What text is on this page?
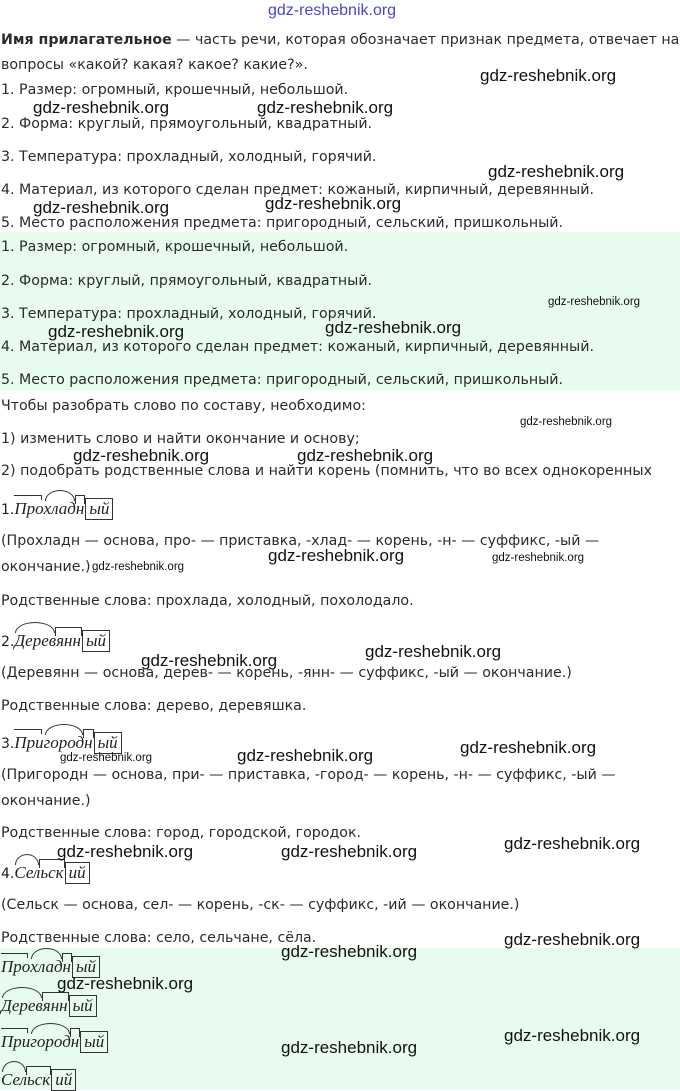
gdz-reshebnik.org
Имя прилагательное — часть речи, которая обозначает признак предмета, отвечает на
вопросы «какой? какая? какое? какие?».
1. Размер: огромный, крошечный, небольшой.
2. Форма: круглый, прямоугольный, квадратный.
3. Температура: прохладный, холодный, горячий.
4. Материал, из которого сделан предмет: кожаный, кирпичный, деревянный.
5. Место расположения предмета: пригородный, сельский, пришкольный.
1. Размер: огромный, крошечный, небольшой.
2. Форма: круглый, прямоугольный, квадратный.
3. Температура: прохладный, холодный, горячий.
4. Материал, из которого сделан предмет: кожаный, кирпичный, деревянный.
5. Место расположения предмета: пригородный, сельский, пришкольный.
Чтобы разобрать слово по составу, необходимо:
1) изменить слово и найти окончание и основу;
2) подобрать родственные слова и найти корень (помнить, что во всех однокоренных
1.Прохладн ый
(Прохладн — основа, про- — приставка, -хлад- — корень, -н- — суффикс, -ый —
окончание.)
Родственные слова: прохлада, холодный, похолодало.
2.Деревянн ый
(Деревянн — основа, дерев- — корень, -янн- — суффикс, -ый — окончание.)
Родственные слова: дерево, деревяшка.
3.Пригородн ый
(Пригородн — основа, при- — приставка, -город- — корень, -н- — суффикс, -ый —
окончание.)
Родственные слова: город, городской, городок.
4.Сельск ий
(Сельск — основа, сел- — корень, -ск- — суффикс, -ий — окончание.)
Родственные слова: село, сельчане, сёла.
Прохладн ый
Деревянн ый
Пригородн ый
Сельск ий
gdz-reshebnik.org
gdz-reshebnik.org	gdz-reshebnik.org
gdz-reshebnik.org
gdz-reshebnik.org	gdz-reshebnik.org
gdz-reshebnik.org
gdz-reshebnik.org	gdz-reshebnik.org
gdz-reshebnik.org
gdz-reshebnik.org	gdz-reshebnik.org
gdz-reshebnik.org
gdz-reshebnik.org
gdz-reshebnik.org
gdz-reshebnik.org
gdz-reshebnik.org
gdz-reshebnik.org
gdz-reshebnik.org
gdz-reshebnik.org
gdz-reshebnik.org
gdz-reshebnik.org	gdz-reshebnik.org
gdz-reshebnik.org
gdz-reshebnik.org
gdz-reshebnik.org
gdz-reshebnik.org
gdz-reshebnik.org
